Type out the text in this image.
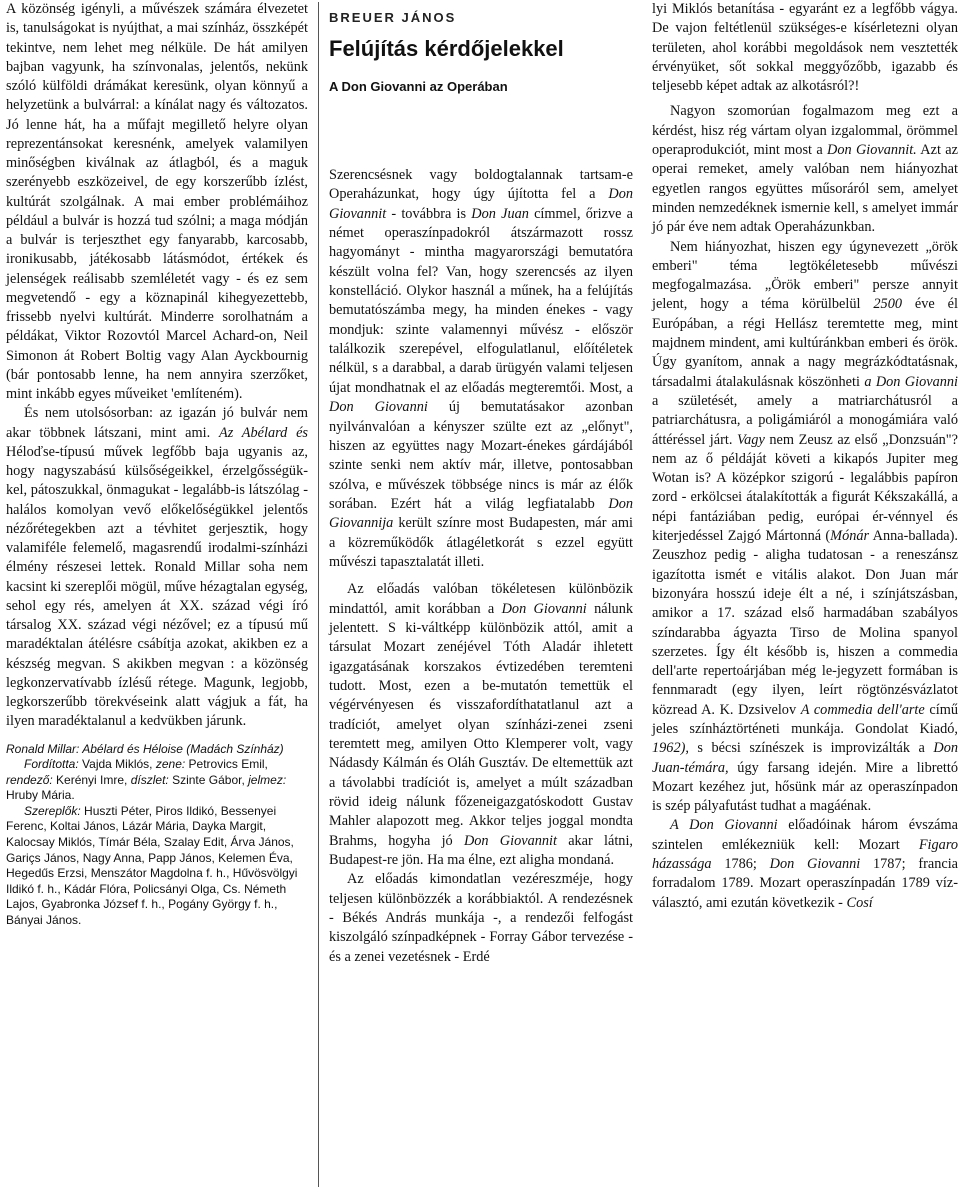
A közönség igényli, a művészek számára élvezetet is, tanulságokat is nyújthat, a mai színház, összképét tekintve, nem lehet meg nélküle. De hát amilyen bajban vagyunk, ha színvonalas, jelentős, nekünk szóló külföldi drámákat keresünk, olyan könnyű a helyzetünk a bulvárral: a kínálat nagy és változatos. Jó lenne hát, ha a műfajt megillető helyre olyan reprezentánsokat keresnénk, amelyek valamilyen minőségben kiválnak az átlagból, és a maguk szerényebb eszközeivel, de egy korszerűbb ízlést, kultúrát szolgálnak. A mai ember problémáihoz például a bulvár is hozzá tud szólni; a maga módján a bulvár is terjeszthet egy fanyarabb, karcosabb, ironikusabb, játékosabb látásmódot, értékek és jelenségek reálisabb szemléletét vagy - és ez sem megvetendő - egy a köznapinál kihegyezettebb, frissebb nyelvi kultúrát. Minderre sorolhatnám a példákat, Viktor Rozovtól Marcel Achard-on, Neil Simonon át Robert Boltig vagy Alan Ayckbournig (bár pontosabb lenne, ha nem annyira szerzőket, mint inkább egyes műveiket 'említeném).

És nem utolsósorban: az igazán jó bulvár nem akar többnek látszani, mint ami. Az Abélard és Héloďse-típusú művek legfőbb baja ugyanis az, hogy nagyszabású külsőségeikkel, érzelgősségük-kel, pátoszukkal, önmagukat - legalább-is látszólag - halálos komolyan vevő előkelőségükkel jelentős nézőrétegekben azt a tévhitet gerjesztik, hogy valamiféle felemelő, magasrendű irodalmi-színházi élmény részesei lettek. Ronald Millar soha nem kacsint ki szereplői mögül, műve hézagtalan egység, sehol egy rés, amelyen át XX. század végi író társalog XX. század végi nézővel; ez a típusú mű maradéktalan átélésre csábítja azokat, akikben ez a készség megvan. S akikben megvan : a közönség legkonzervatívabb ízlésű rétege. Magunk, legjobb, legkorszerűbb törekvéseink alatt vágjuk a fát, ha ilyen maradéktalanul a kedvükben járunk.

Ronald Millar: Abélard és Héloise (Madách Színház)

Fordította: Vajda Miklós, zene: Petrovics Emil, rendező: Kerényi Imre, díszlet: Szinte Gábor, jelmez: Hruby Mária.

Szereplők: Huszti Péter, Piros Ildikó, Bessenyei Ferenc, Koltai János, Lázár Mária, Dayka Margit, Kalocsay Miklós, Tímár Béla, Szalay Edit, Árva János, Gariçs János, Nagy Anna, Papp János, Kelemen Éva, Hegedűs Erzsi, Menszátor Magdolna f. h., Hűvösvölgyi Ildikó f. h., Kádár Flóra, Policsányi Olga, Cs. Németh Lajos, Gyabronka József f. h., Pogány György f. h., Bányai János.

BREUER JÁNOS
Felújítás kérdőjelekkel
A Don Giovanni az Operában

Szerencsésnek vagy boldogtalannak tartsam-e Operaházunkat, hogy úgy újította fel a Don Giovannit - továbbra is Don Juan címmel, őrizve a német operaszínpadokról átszármazott rossz hagyományt - mintha magyarországi bemutatóra készült volna fel? Van, hogy szerencsés az ilyen konstelláció. Olykor használ a műnek, ha a felújítás bemutatószámba megy, ha minden énekes - vagy mondjuk: szinte valamennyi művész - először találkozik szerepével, elfogulatlanul, előítéletek nélkül, s a darabbal, a darab ürügyén valami teljesen újat mondhatnak el az előadás megteremtői. Most, a Don Giovanni új bemutatásakor azonban nyilvánvalóan a kényszer szülte ezt az „előnyt", hiszen az együttes nagy Mozart-énekes gárdájából szinte senki nem aktív már, illetve, pontosabban szólva, e művészek többsége nincs is már az élők sorában. Ezért hát a világ legfiatalabb Don Giovannija került színre most Budapesten, már ami a közreműködők átlagéletkorát s ezzel együtt művészi tapasztalatát illeti.

Az előadás valóban tökéletesen különbözik mindattól, amit korábban a Don Giovanni nálunk jelentett. S ki-váltképp különbözik attól, amit a társulat Mozart zenéjével Tóth Aladár ihletett igazgatásának korszakos évtizedében teremteni tudott. Most, ezen a be-mutatón temettük el végérvényesen és visszafordíthatatlanul azt a tradíciót, amelyet olyan színházi-zenei zseni teremtett meg, amilyen Otto Klemperer volt, vagy Nádasdy Kálmán és Oláh Gusztáv. De eltemettük azt a távolabbi tradíciót is, amelyet a múlt században rövid ideig nálunk főzeneigazgatóskodott Gustav Mahler alapozott meg. Akkor teljes joggal mondta Brahms, hogyha jó Don Giovannit akar látni, Budapest-re jön. Ha ma élne, ezt aligha mondaná.

Az előadás kimondatlan vezéreszméje, hogy teljesen különbözzék a korábbiaktól. A rendezésnek - Békés András munkája -, a rendezői felfogást kiszolgáló színpadképnek - Forray Gábor tervezése - és a zenei vezetésnek - Erdé

lyi Miklós betanítása - egyaránt ez a legfőbb vágya. De vajon feltétlenül szükséges-e kísérletezni olyan területen, ahol korábbi megoldások nem vesztették érvényüket, sőt sokkal meggyőzőbb, igazabb és teljesebb képet adtak az alkotásról?!

Nagyon szomorúan fogalmazom meg ezt a kérdést, hisz rég vártam olyan izgalommal, örömmel operaprodukciót, mint most a Don Giovannit. Azt az operai remeket, amely valóban nem hiányozhat egyetlen rangos együttes műsoráról sem, amelyet minden nemzedéknek ismernie kell, s amelyet immár jó pár éve nem adtak Operaházunkban.

Nem hiányozhat, hiszen egy úgynevezett „örök emberi" téma legtökéletesebb művészi megfogalmazása. „Örök emberi" persze annyit jelent, hogy a téma körülbelül 2500 éve él Európában, a régi Hellász teremtette meg, mint majdnem mindent, ami kultúránkban emberi és örök. Úgy gyanítom, annak a nagy megrázkódtatásnak, társadalmi átalakulásnak köszönheti a Don Giovanni a születését, amely a matriarchátusról a patriarchátusra, a poligámiáról a monogámiára való áttéréssel járt. Vagy nem Zeusz az első „Donzsuán"? nem az ő példáját követi a kikapós Jupiter meg Wotan is? A középkor szigorú - legalábbis papíron zord - erkölcsei átalakították a figurát Kékszakállá, a népi fantáziában pedig, európai ér-vénnyel és kiterjedéssel Zajgó Mártonná (Mónár Anna-ballada). Zeuszhoz pedig - aligha tudatosan - a reneszánsz igazította ismét e vitális alakot. Don Juan már bizonyára hosszú ideje élt a né, i színjátszásban, amikor a 17. század első harmadában szabályos színdarabba ágyazta Tirso de Molina spanyol szerzetes. Így élt később is, hiszen a commedia dell'arte repertoárjában még le-jegyzett formában is fennmaradt (egy ilyen, leírt rögtönzésvázlatot közread A. K. Dzsivelov A commedia dell'arte című jeles színháztörténeti munkája. Gondolat Kiadó, 1962), s bécsi színészek is improvizálták a Don Juan-témára, úgy farsang idején. Mire a librettó Mozart kezéhez jut, hősünk már az operaszínpadon is szép pályafutást tudhat a magáénak.

A Don Giovanni előadóinak három évszáma szintelen emlékezniük kell: Mozart Figaro házassága 1786; Don Giovanni 1787; francia forradalom 1789. Mozart operaszínpadán 1789 víz-választó, ami ezután következik - Cosí
